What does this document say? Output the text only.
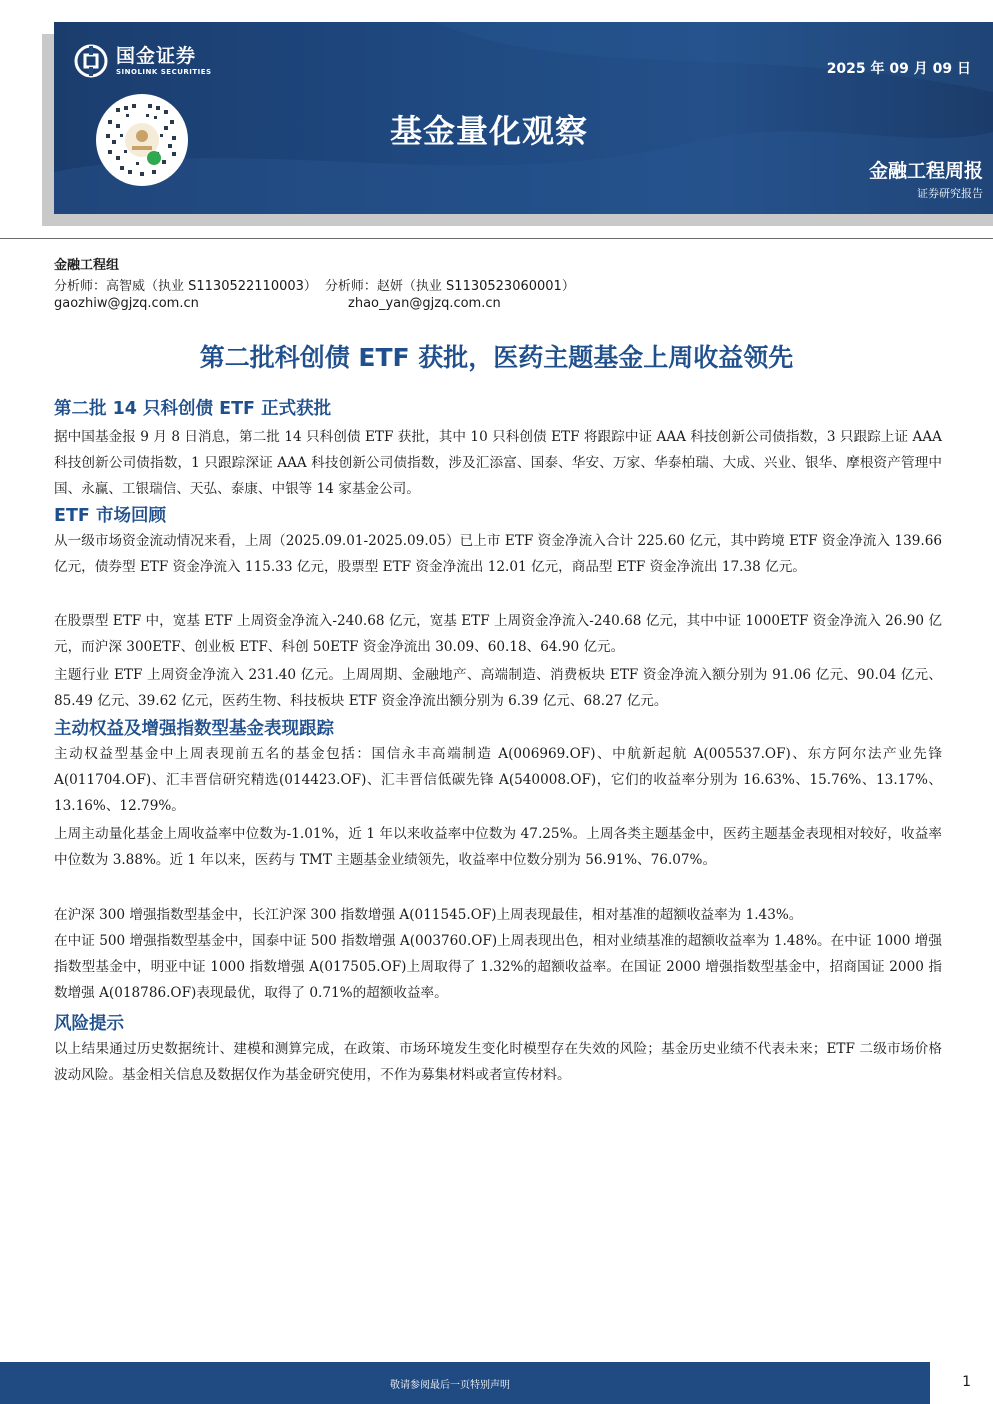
国金证券
SINOLINK SECURITIES	2025 年 09 月 09 日
基金量化观察
金融工程周报
证券研究报告
金融工程组
分析师：高智威（执业 S1130522110003） 分析师：赵妍（执业 S1130523060001）
gaozhiw@gjzq.com.cn	zhao_yan@gjzq.com.cn
第二批科创债 ETF 获批，医药主题基金上周收益领先
第二批 14 只科创债 ETF 正式获批
据中国基金报 9 月 8 日消息，第二批 14 只科创债 ETF 获批，其中 10 只科创债 ETF 将跟踪中证 AAA 科技创新公司债指数，3 只跟踪上证 AAA 科技创新公司债指数，1 只跟踪深证 AAA 科技创新公司债指数，涉及汇添富、国泰、华安、万家、华泰柏瑞、大成、兴业、银华、摩根资产管理中国、永赢、工银瑞信、天弘、泰康、中银等 14 家基金公司。
ETF 市场回顾
从一级市场资金流动情况来看，上周（2025.09.01-2025.09.05）已上市 ETF 资金净流入合计 225.60 亿元，其中跨境 ETF 资金净流入 139.66 亿元，债券型 ETF 资金净流入 115.33 亿元，股票型 ETF 资金净流出 12.01 亿元，商品型 ETF 资金净流出 17.38 亿元。
在股票型 ETF 中，宽基 ETF 上周资金净流入-240.68 亿元，宽基 ETF 上周资金净流入-240.68 亿元，其中中证 1000ETF 资金净流入 26.90 亿元，而沪深 300ETF、创业板 ETF、科创 50ETF 资金净流出 30.09、60.18、64.90 亿元。
主题行业 ETF 上周资金净流入 231.40 亿元。上周周期、金融地产、高端制造、消费板块 ETF 资金净流入额分别为 91.06 亿元、90.04 亿元、85.49 亿元、39.62 亿元，医药生物、科技板块 ETF 资金净流出额分别为 6.39 亿元、68.27 亿元。
主动权益及增强指数型基金表现跟踪
主动权益型基金中上周表现前五名的基金包括：国信永丰高端制造 A(006969.OF)、中航新起航 A(005537.OF)、东方阿尔法产业先锋 A(011704.OF)、汇丰晋信研究精选(014423.OF)、汇丰晋信低碳先锋 A(540008.OF)，它们的收益率分别为 16.63%、15.76%、13.17%、13.16%、12.79%。
上周主动量化基金上周收益率中位数为-1.01%，近 1 年以来收益率中位数为 47.25%。上周各类主题基金中，医药主题基金表现相对较好，收益率中位数为 3.88%。近 1 年以来，医药与 TMT 主题基金业绩领先，收益率中位数分别为 56.91%、76.07%。
在沪深 300 增强指数型基金中，长江沪深 300 指数增强 A(011545.OF)上周表现最佳，相对基准的超额收益率为 1.43%。
在中证 500 增强指数型基金中，国泰中证 500 指数增强 A(003760.OF)上周表现出色，相对业绩基准的超额收益率为 1.48%。在中证 1000 增强指数型基金中，明亚中证 1000 指数增强 A(017505.OF)上周取得了 1.32%的超额收益率。在国证 2000 增强指数型基金中，招商国证 2000 指数增强 A(018786.OF)表现最优，取得了 0.71%的超额收益率。
风险提示
以上结果通过历史数据统计、建模和测算完成，在政策、市场环境发生变化时模型存在失效的风险；基金历史业绩不代表未来；ETF 二级市场价格波动风险。基金相关信息及数据仅作为基金研究使用，不作为募集材料或者宣传材料。
敬请参阅最后一页特别声明	1
